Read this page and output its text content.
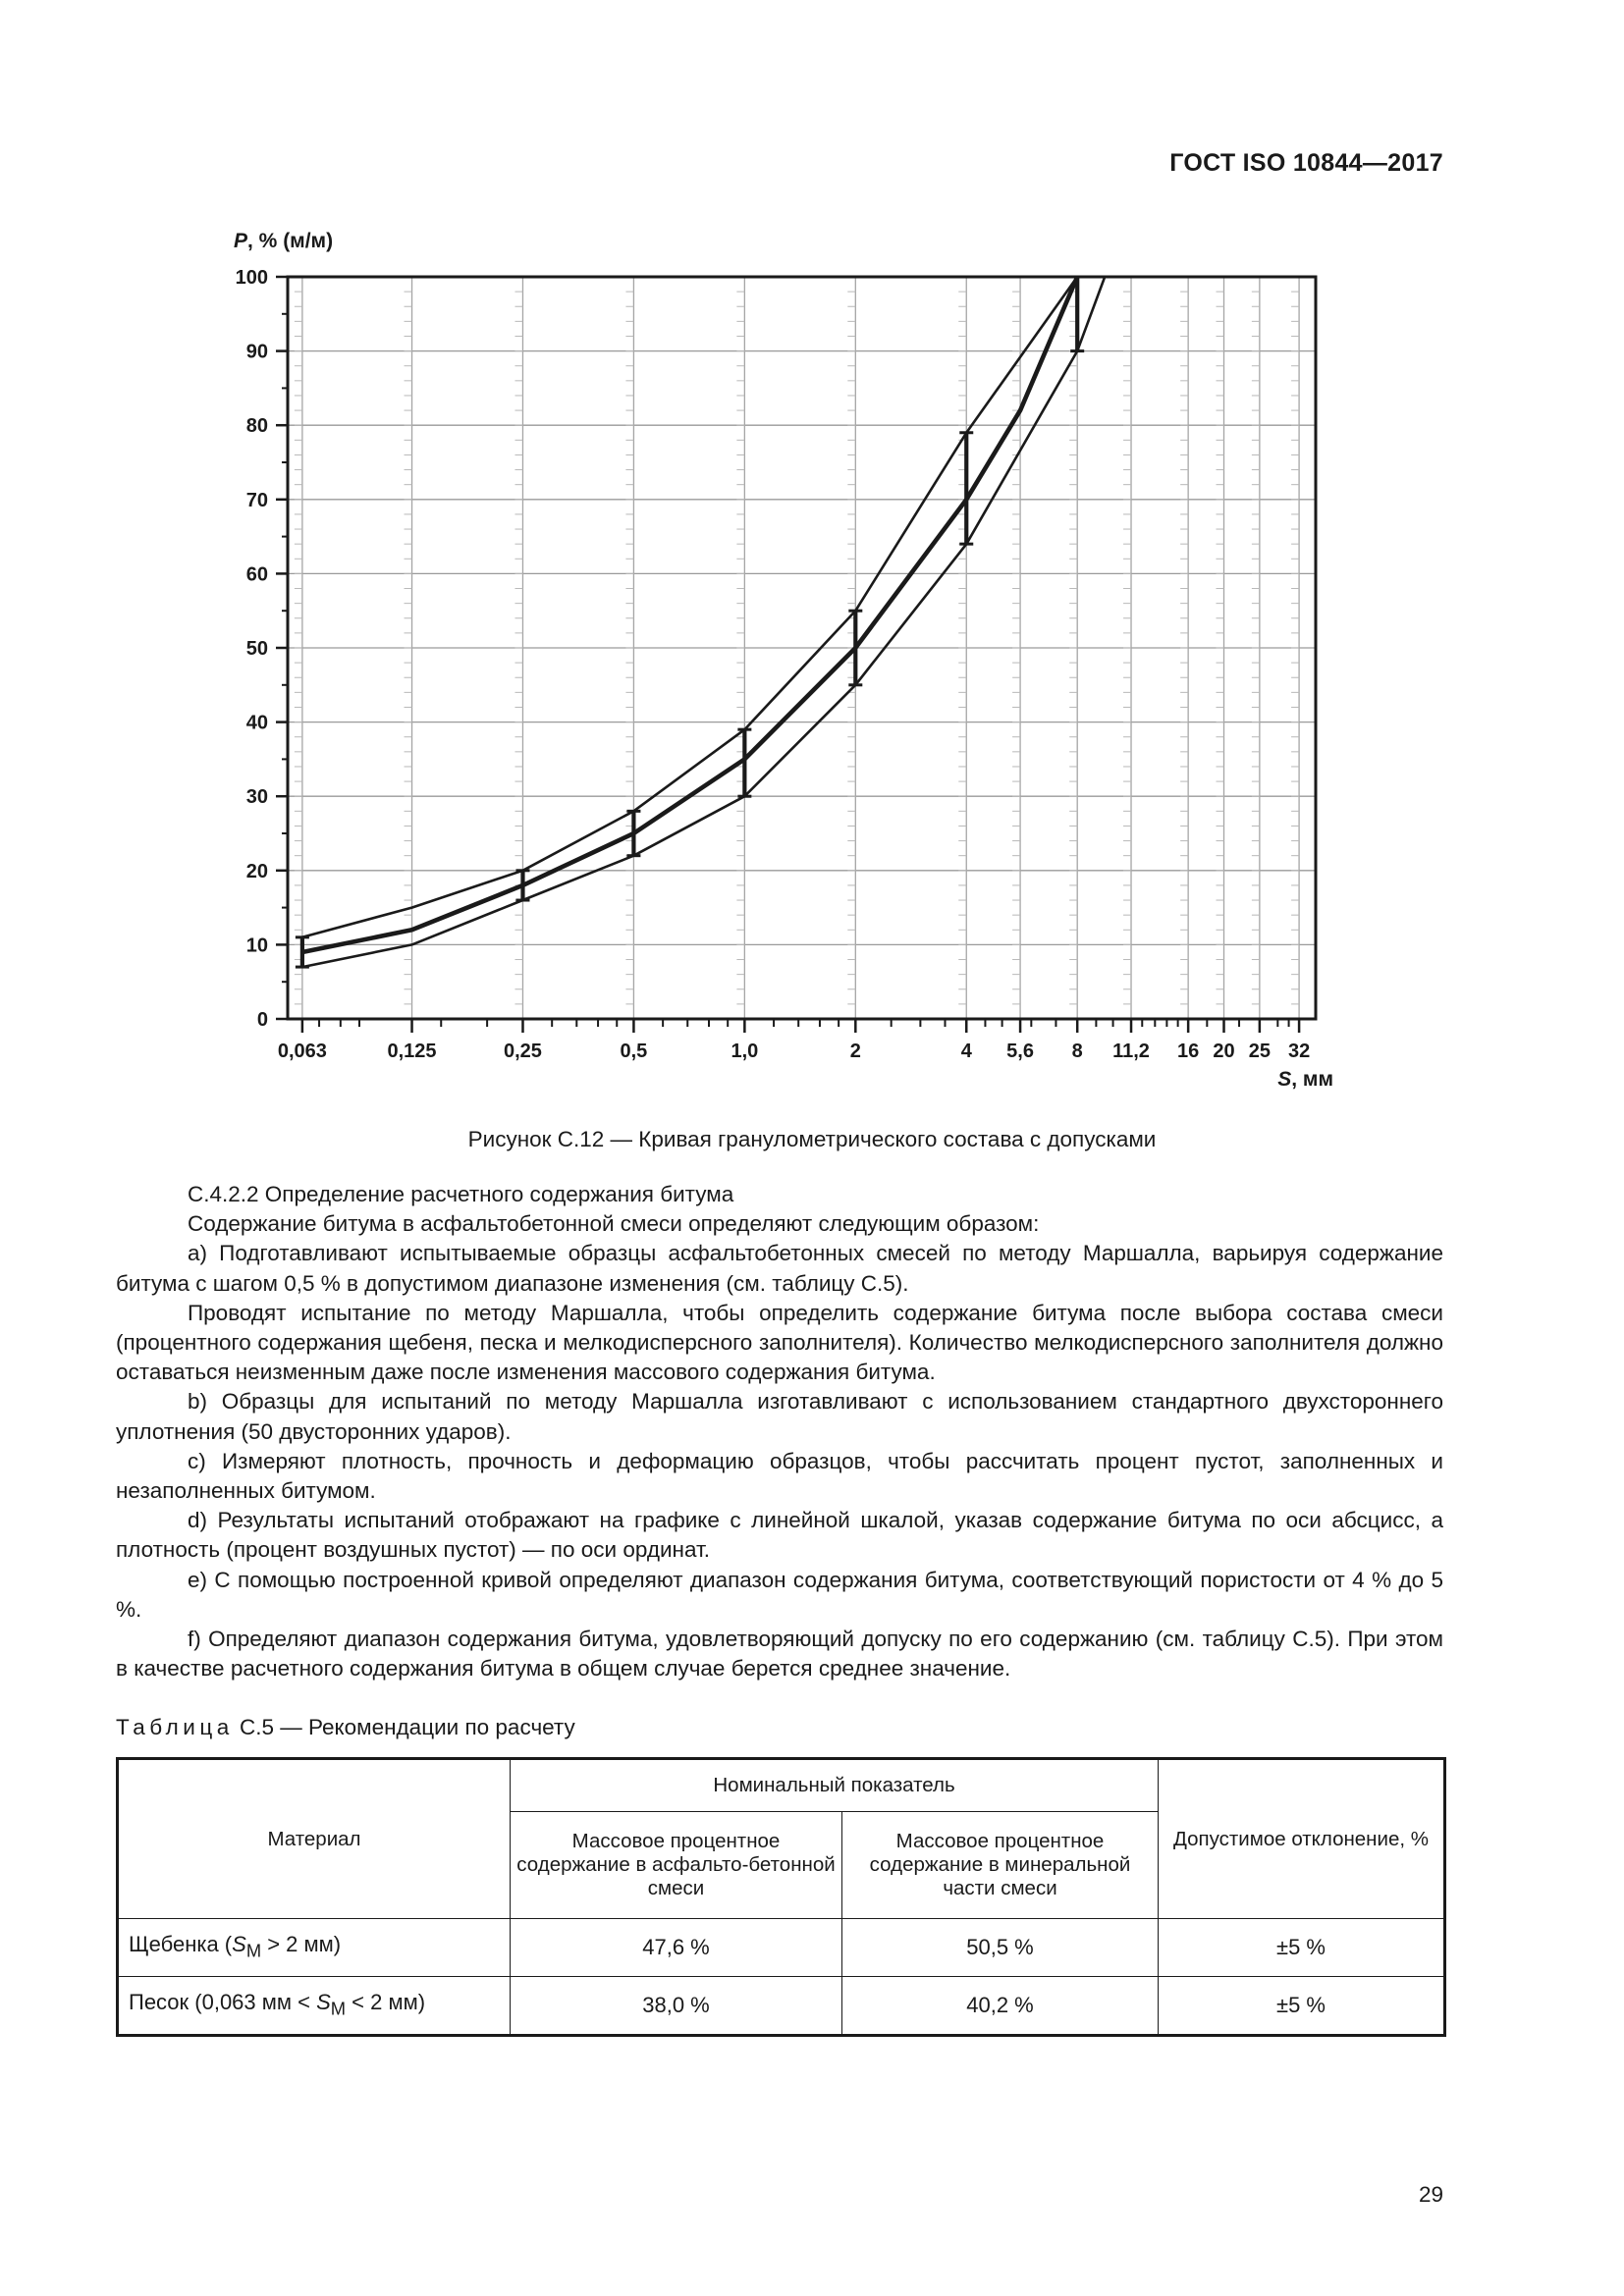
ГОСТ ISO 10844—2017
0
10
20
30
40
50
60
70
80
90
100
0,063	0,125	0,25	0,5	1,0	2	4 5,6 8 11,2 16 20 25 32
P, % (м/м)
S, мм
Рисунок С.12 — Кривая гранулометрического состава с допусками

С.4.2.2 Определение расчетного содержания битума

Содержание битума в асфальтобетонной смеси определяют следующим образом:

а) Подготавливают испытываемые образцы асфальтобетонных смесей по методу Маршалла, варьируя содержание битума с шагом 0,5 % в допустимом диапазоне изменения (см. таблицу С.5).

Проводят испытание по методу Маршалла, чтобы определить содержание битума после выбора состава смеси (процентного содержания щебеня, песка и мелкодисперсного заполнителя). Количество мелкодисперсного заполнителя должно оставаться неизменным даже после изменения массового содержания битума.

b) Образцы для испытаний по методу Маршалла изготавливают с использованием стандартного двухстороннего уплотнения (50 двусторонних ударов).

c) Измеряют плотность, прочность и деформацию образцов, чтобы рассчитать процент пустот, заполненных и незаполненных битумом.

d) Результаты испытаний отображают на графике с линейной шкалой, указав содержание битума по оси абсцисс, а плотность (процент воздушных пустот) — по оси ординат.

e) С помощью построенной кривой определяют диапазон содержания битума, соответствующий пористости от 4 % до 5 %.

f) Определяют диапазон содержания битума, удовлетворяющий допуску по его содержанию (см. таблицу С.5). При этом в качестве расчетного содержания битума в общем случае берется среднее значение.

Таблица С.5 — Рекомендации по расчету
Материал	Номинальный показатель		Допустимое отклонение, %
	Массовое процентное содержание в асфальто-бетонной смеси	Массовое процентное содержание в минеральной части смеси	
Щебенка ($S_M > 2$ мм)	47,6 %	50,5 %	±5 %
Песок (0,063 мм < $S_M < 2$ мм)	38,0 %	40,2 %	±5 %
29
